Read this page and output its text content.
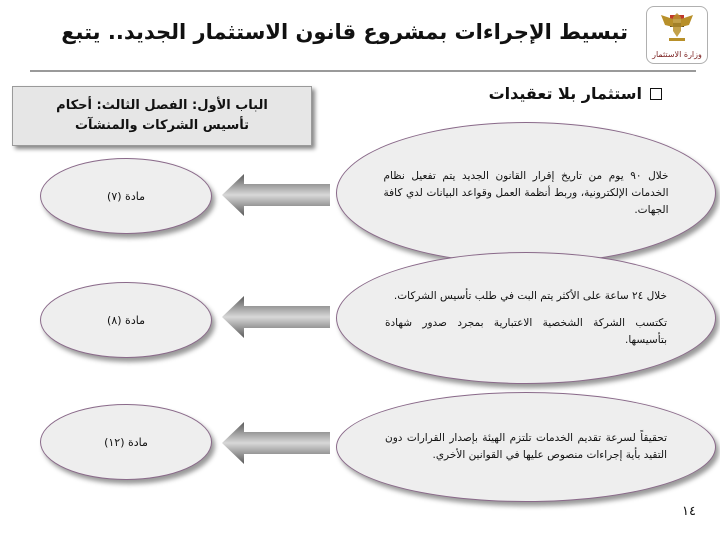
وزارة الاستثمار
تبسيط الإجراءات بمشروع قانون الاستثمار الجديد.. يتبع
استثمار بلا تعقيدات
الباب الأول: الفصل الثالث: أحكام تأسيس الشركات والمنشآت
خلال ٩٠ يوم من تاريخ إقرار القانون الجديد يتم تفعيل نظام الخدمات الإلكترونية، وربط أنظمة العمل وقواعد البيانات لدي كافة الجهات.
مادة (٧)
خلال ٢٤ ساعة على الأكثر يتم البت في طلب تأسيس الشركات.
تكتسب الشركة الشخصية الاعتبارية بمجرد صدور شهادة بتأسيسها.
مادة (٨)
تحقيقاً لسرعة تقديم الخدمات تلتزم الهيئة بإصدار القرارات دون التقيد بأية إجراءات منصوص عليها في القوانين الأخري.
مادة (١٢)
١٤
